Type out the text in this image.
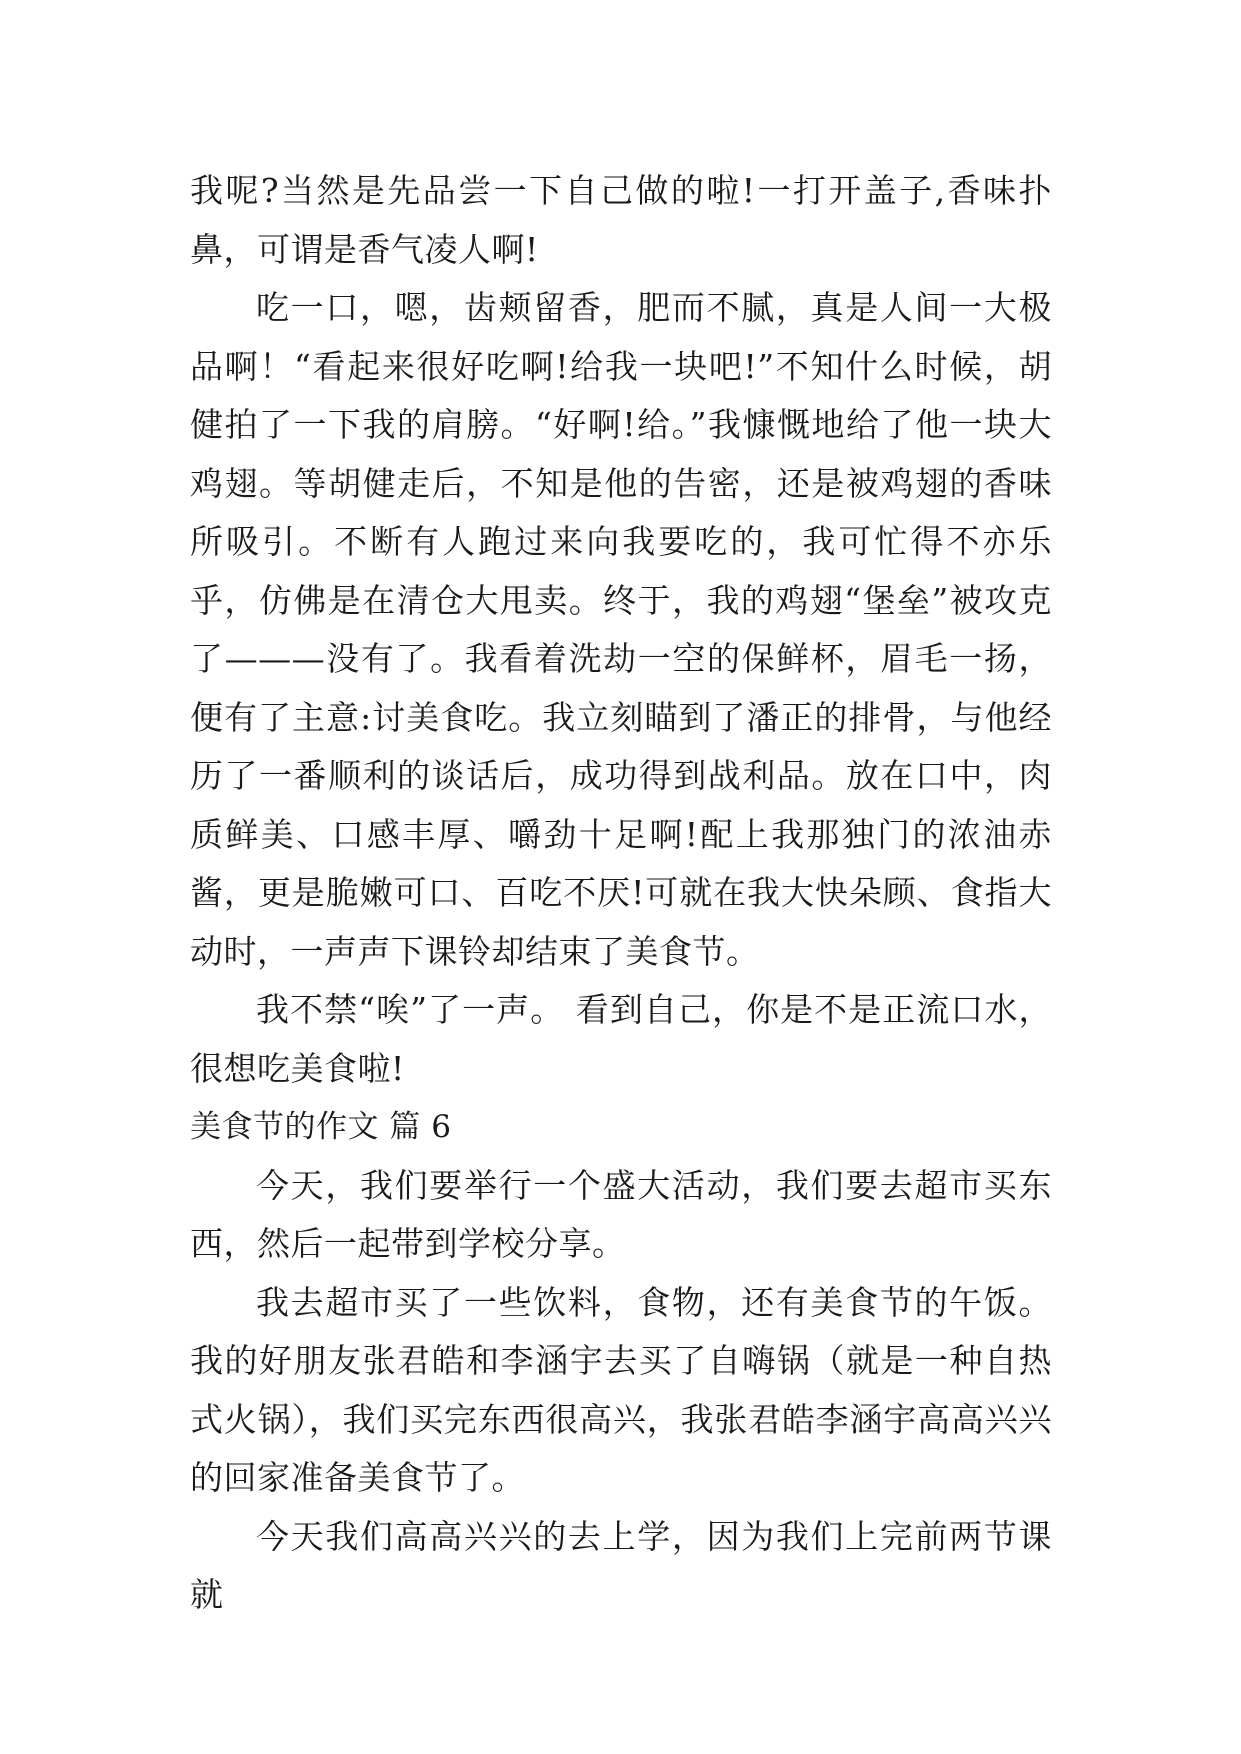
我呢?当然是先品尝一下自己做的啦!一打开盖子,香味扑鼻，可谓是香气凌人啊!

吃一口，嗯，齿颊留香，肥而不腻，真是人间一大极品啊！“看起来很好吃啊!给我一块吧!”不知什么时候，胡健拍了一下我的肩膀。“好啊!给。”我慷慨地给了他一块大鸡翅。等胡健走后，不知是他的告密，还是被鸡翅的香味所吸引。不断有人跑过来向我要吃的，我可忙得不亦乐乎，仿佛是在清仓大甩卖。终于，我的鸡翅“堡垒”被攻克了———没有了。我看着洗劫一空的保鲜杯，眉毛一扬，便有了主意:讨美食吃。我立刻瞄到了潘正的排骨，与他经历了一番顺利的谈话后，成功得到战利品。放在口中，肉质鲜美、口感丰厚、嚼劲十足啊!配上我那独门的浓油赤酱，更是脆嫩可口、百吃不厌!可就在我大快朵顾、食指大动时，一声声下课铃却结束了美食节。

我不禁“唉”了一声。 看到自己，你是不是正流口水，很想吃美食啦!

美食节的作文 篇 6

今天，我们要举行一个盛大活动，我们要去超市买东西，然后一起带到学校分享。

我去超市买了一些饮料，食物，还有美食节的午饭。我的好朋友张君皓和李涵宇去买了自嗨锅（就是一种自热式火锅），我们买完东西很高兴，我张君皓李涵宇高高兴兴的回家准备美食节了。

今天我们高高兴兴的去上学，因为我们上完前两节课就
